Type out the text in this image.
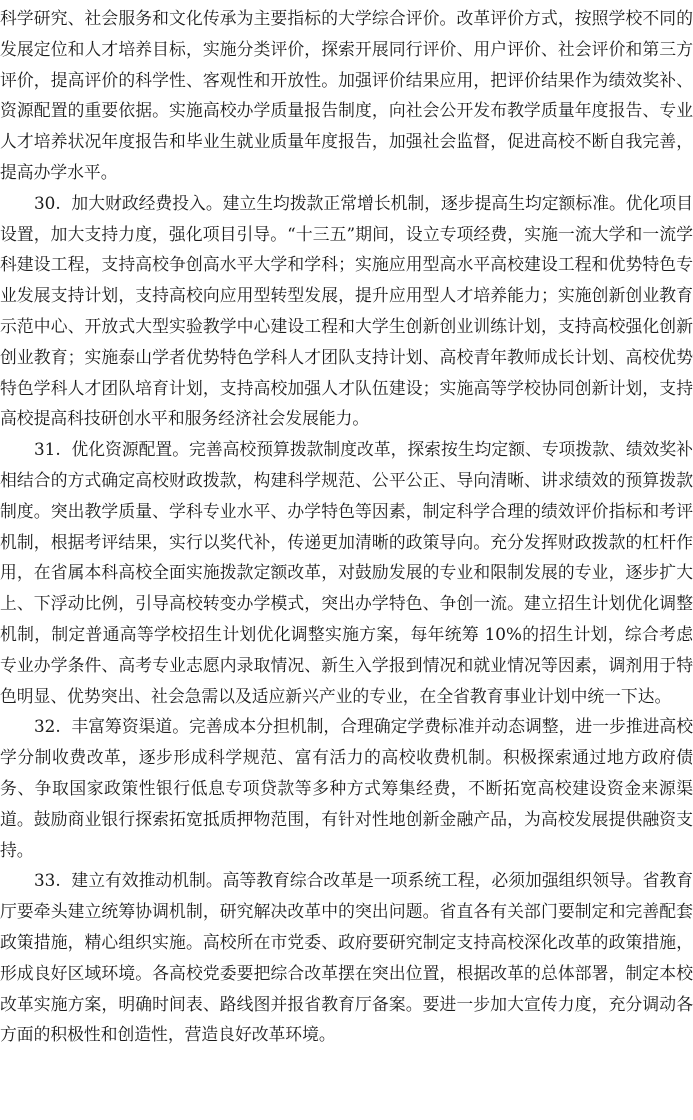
科学研究、社会服务和文化传承为主要指标的大学综合评价。改革评价方式，按照学校不同的发展定位和人才培养目标，实施分类评价，探索开展同行评价、用户评价、社会评价和第三方评价，提高评价的科学性、客观性和开放性。加强评价结果应用，把评价结果作为绩效奖补、资源配置的重要依据。实施高校办学质量报告制度，向社会公开发布教学质量年度报告、专业人才培养状况年度报告和毕业生就业质量年度报告，加强社会监督，促进高校不断自我完善，提高办学水平。

30. 加大财政经费投入。建立生均拨款正常增长机制，逐步提高生均定额标准。优化项目设置，加大支持力度，强化项目引导。“十三五”期间，设立专项经费，实施一流大学和一流学科建设工程，支持高校争创高水平大学和学科；实施应用型高水平高校建设工程和优势特色专业发展支持计划，支持高校向应用型转型发展，提升应用型人才培养能力；实施创新创业教育示范中心、开放式大型实验教学中心建设工程和大学生创新创业训练计划，支持高校强化创新创业教育；实施泰山学者优势特色学科人才团队支持计划、高校青年教师成长计划、高校优势特色学科人才团队培育计划，支持高校加强人才队伍建设；实施高等学校协同创新计划，支持高校提高科技研创水平和服务经济社会发展能力。

31. 优化资源配置。完善高校预算拨款制度改革，探索按生均定额、专项拨款、绩效奖补相结合的方式确定高校财政拨款，构建科学规范、公平公正、导向清晰、讲求绩效的预算拨款制度。突出教学质量、学科专业水平、办学特色等因素，制定科学合理的绩效评价指标和考评机制，根据考评结果，实行以奖代补，传递更加清晰的政策导向。充分发挥财政拨款的杠杆作用，在省属本科高校全面实施拨款定额改革，对鼓励发展的专业和限制发展的专业，逐步扩大上、下浮动比例，引导高校转变办学模式，突出办学特色、争创一流。建立招生计划优化调整机制，制定普通高等学校招生计划优化调整实施方案，每年统筹 10%的招生计划，综合考虑专业办学条件、高考专业志愿内录取情况、新生入学报到情况和就业情况等因素，调剂用于特色明显、优势突出、社会急需以及适应新兴产业的专业，在全省教育事业计划中统一下达。

32. 丰富筹资渠道。完善成本分担机制，合理确定学费标准并动态调整，进一步推进高校学分制收费改革，逐步形成科学规范、富有活力的高校收费机制。积极探索通过地方政府债务、争取国家政策性银行低息专项贷款等多种方式筹集经费，不断拓宽高校建设资金来源渠道。鼓励商业银行探索拓宽抵质押物范围，有针对性地创新金融产品，为高校发展提供融资支持。

33. 建立有效推动机制。高等教育综合改革是一项系统工程，必须加强组织领导。省教育厅要牵头建立统筹协调机制，研究解决改革中的突出问题。省直各有关部门要制定和完善配套政策措施，精心组织实施。高校所在市党委、政府要研究制定支持高校深化改革的政策措施，形成良好区域环境。各高校党委要把综合改革摆在突出位置，根据改革的总体部署，制定本校改革实施方案，明确时间表、路线图并报省教育厅备案。要进一步加大宣传力度，充分调动各方面的积极性和创造性，营造良好改革环境。
